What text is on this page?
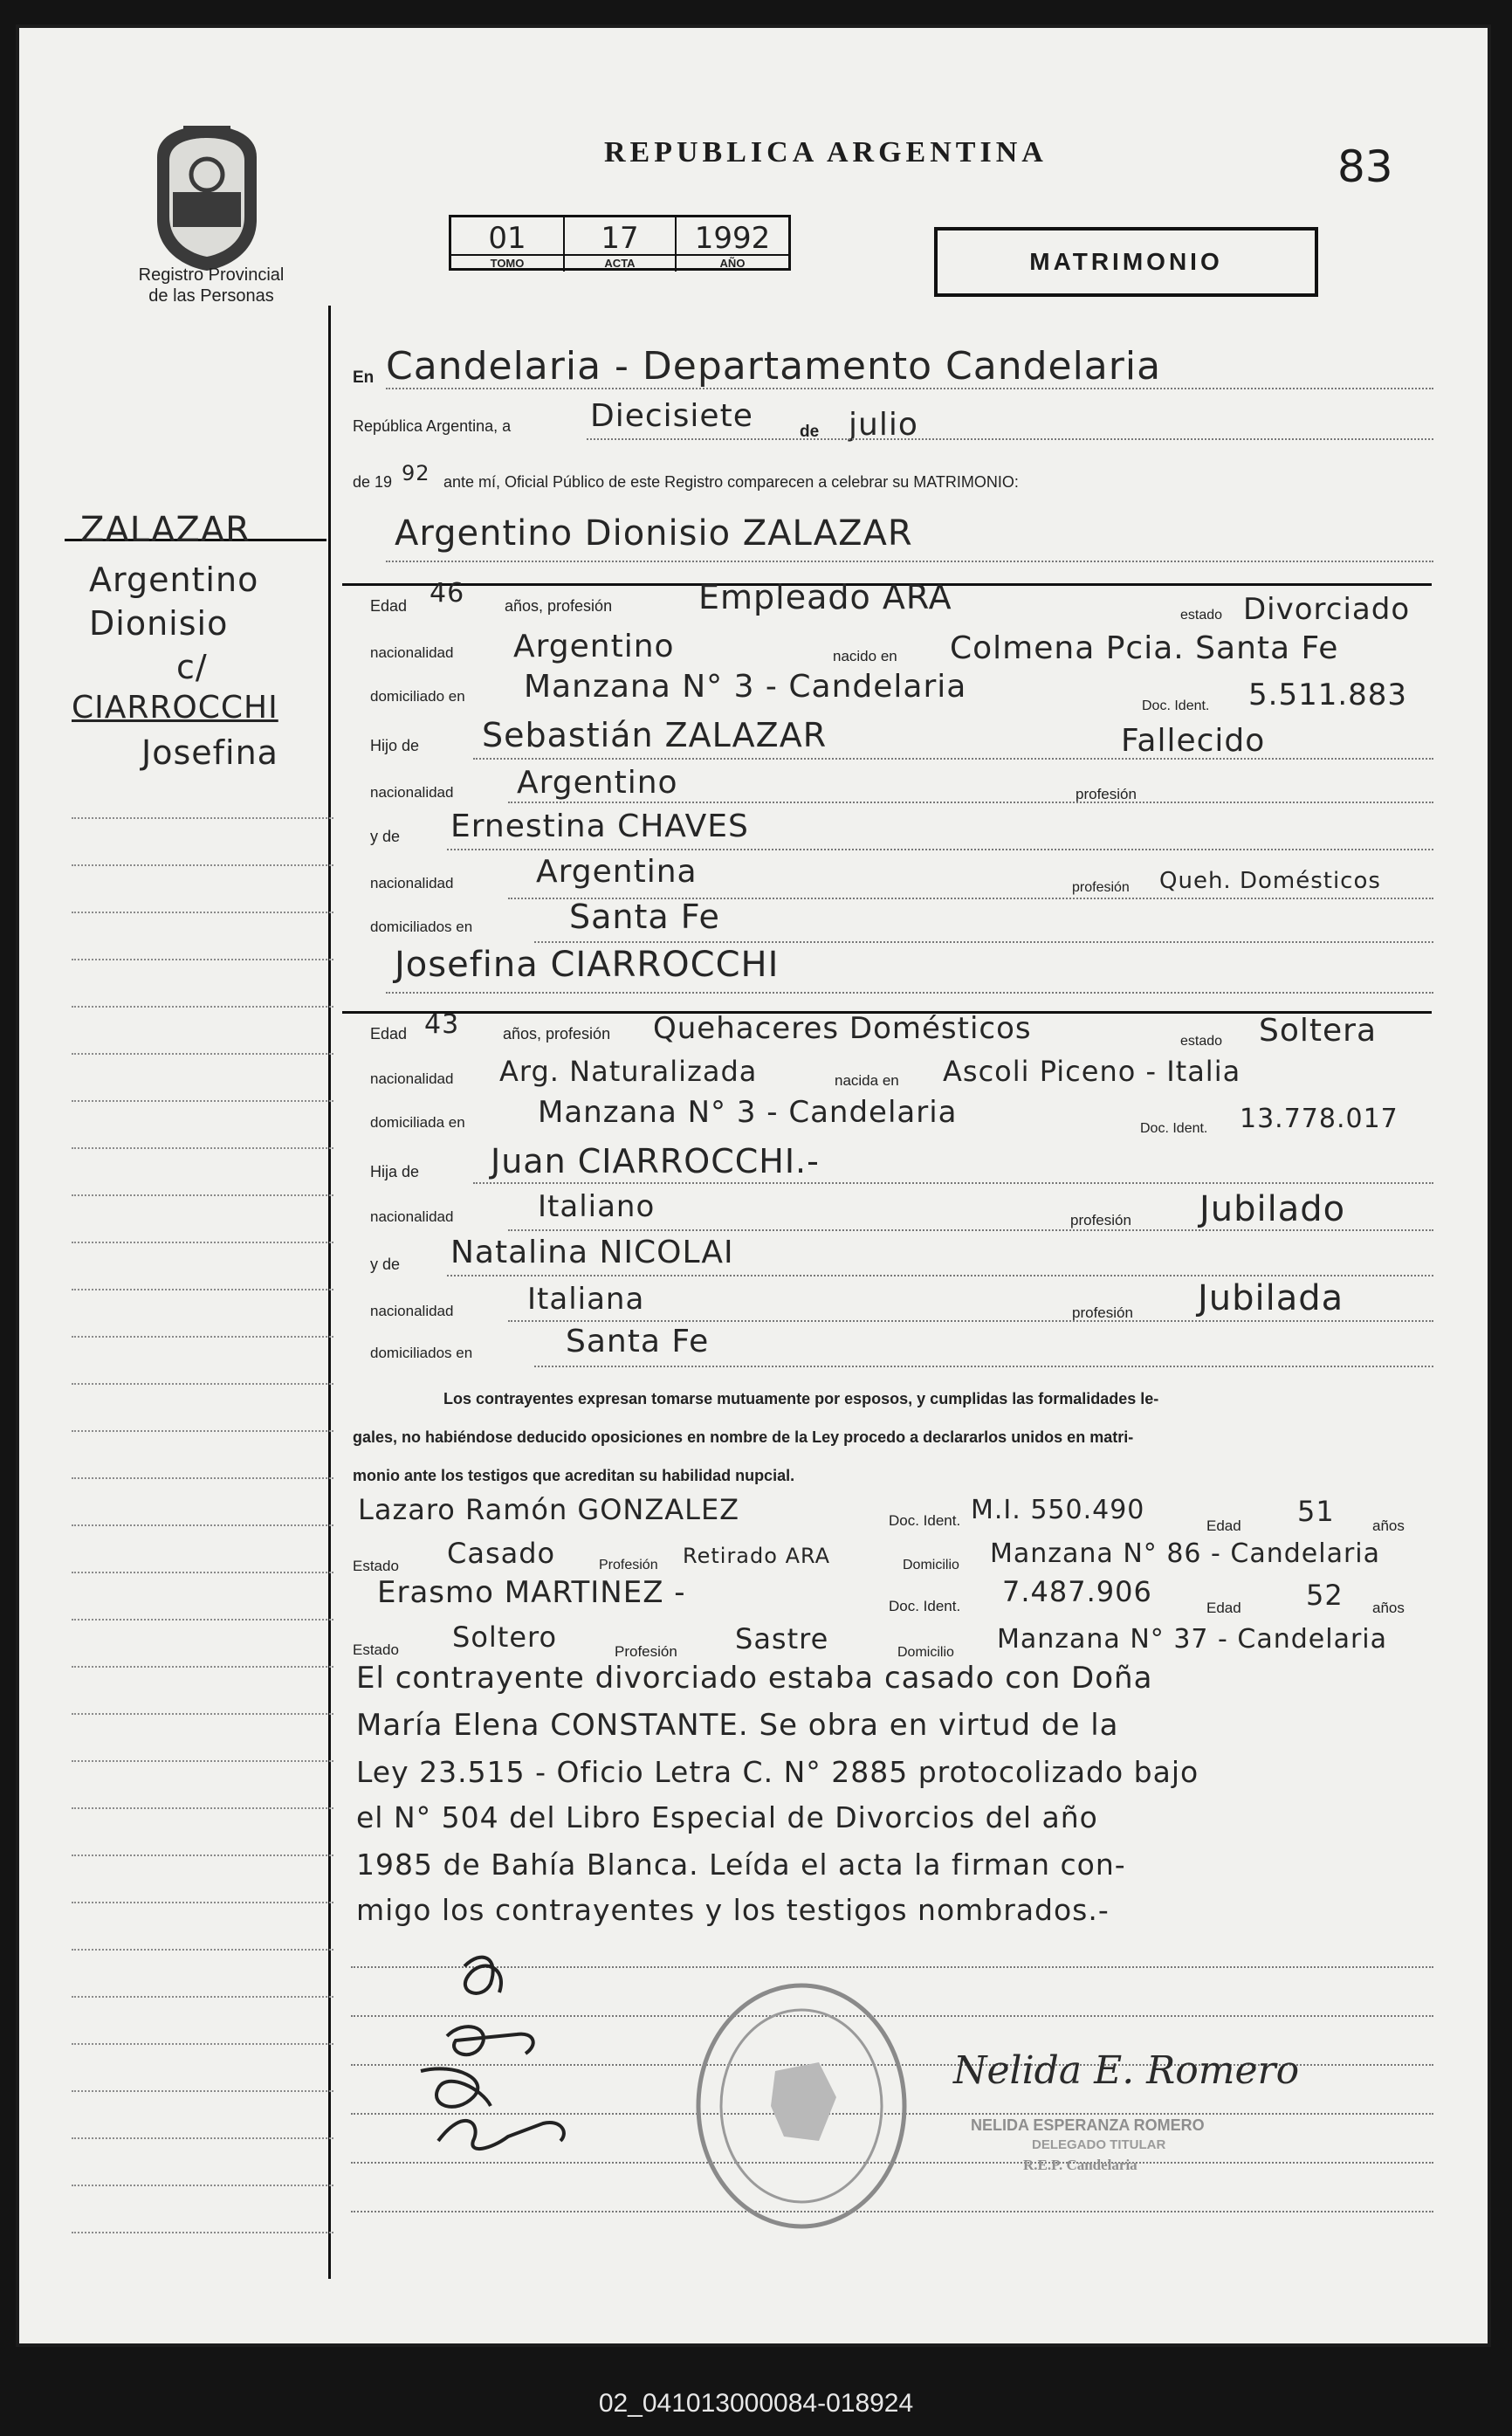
Registro Provincial
de las Personas
REPUBLICA ARGENTINA	83
01
TOMO
17
ACTA
1992
AÑO	MATRIMONIO
ZALAZAR
Argentino
Dionisio
c/
CIARROCCHI
Josefina
En Candelaria - Departamento Candelaria
República Argentina, a	Diecisiete	de julio
de 19 92 ante mí, Oficial Público de este Registro comparecen a celebrar su MATRIMONIO:
Argentino Dionisio ZALAZAR
Edad 46	años, profesión	Empleado ARA	estado Divorciado
nacionalidad Argentino	nacido en Colmena Pcia. Santa Fe
domiciliado en Manzana N° 3 - Candelaria
Doc. Ident. 5.511.883
Hijo de Sebastián ZALAZAR	Fallecido
nacionalidad Argentino	profesión
y de Ernestina CHAVES
nacionalidad	Argentina	profesión Queh. Domésticos
domiciliados en	Santa Fe
Josefina CIARROCCHI
Edad 43	años, profesión Quehaceres Domésticos	estado Soltera
nacionalidad Arg. Naturalizada	nacida en Ascoli Piceno - Italia
domiciliada en Manzana N° 3 - Candelaria	Doc. Ident. 13.778.017
Hija de Juan CIARROCCHI.-
nacionalidad	Italiano	profesión Jubilado
y de Natalina NICOLAI
nacionalidad Italiana	profesión Jubilada
domiciliados en	Santa Fe
Los contrayentes expresan tomarse mutuamente por esposos, y cumplidas las formalidades le-
gales, no habiéndose deducido oposiciones en nombre de la Ley procedo a declararlos unidos en matri-
monio ante los testigos que acreditan su habilidad nupcial.
Lazaro Ramón GONZALEZ	Doc. Ident. M.I. 550.490
Edad 51	años
Estado Casado	Profesión Retirado ARA	Domicilio Manzana N° 86 - Candelaria
Erasmo MARTINEZ -	Doc. Ident. 7.487.906	Edad 52 años
Estado Soltero	Profesión Sastre	Domicilio Manzana N° 37 - Candelaria
El contrayente divorciado estaba casado con Doña
María Elena CONSTANTE. Se obra en virtud de la
Ley 23.515 - Oficio Letra C. N° 2885 protocolizado bajo
el N° 504 del Libro Especial de Divorcios del año
1985 de Bahía Blanca. Leída el acta la firman con-
migo los contrayentes y los testigos nombrados.-
Nelida E. Romero
NELIDA ESPERANZA ROMERO
DELEGADO TITULAR
R.E.P. Candelaria
02_041013000084-018924
